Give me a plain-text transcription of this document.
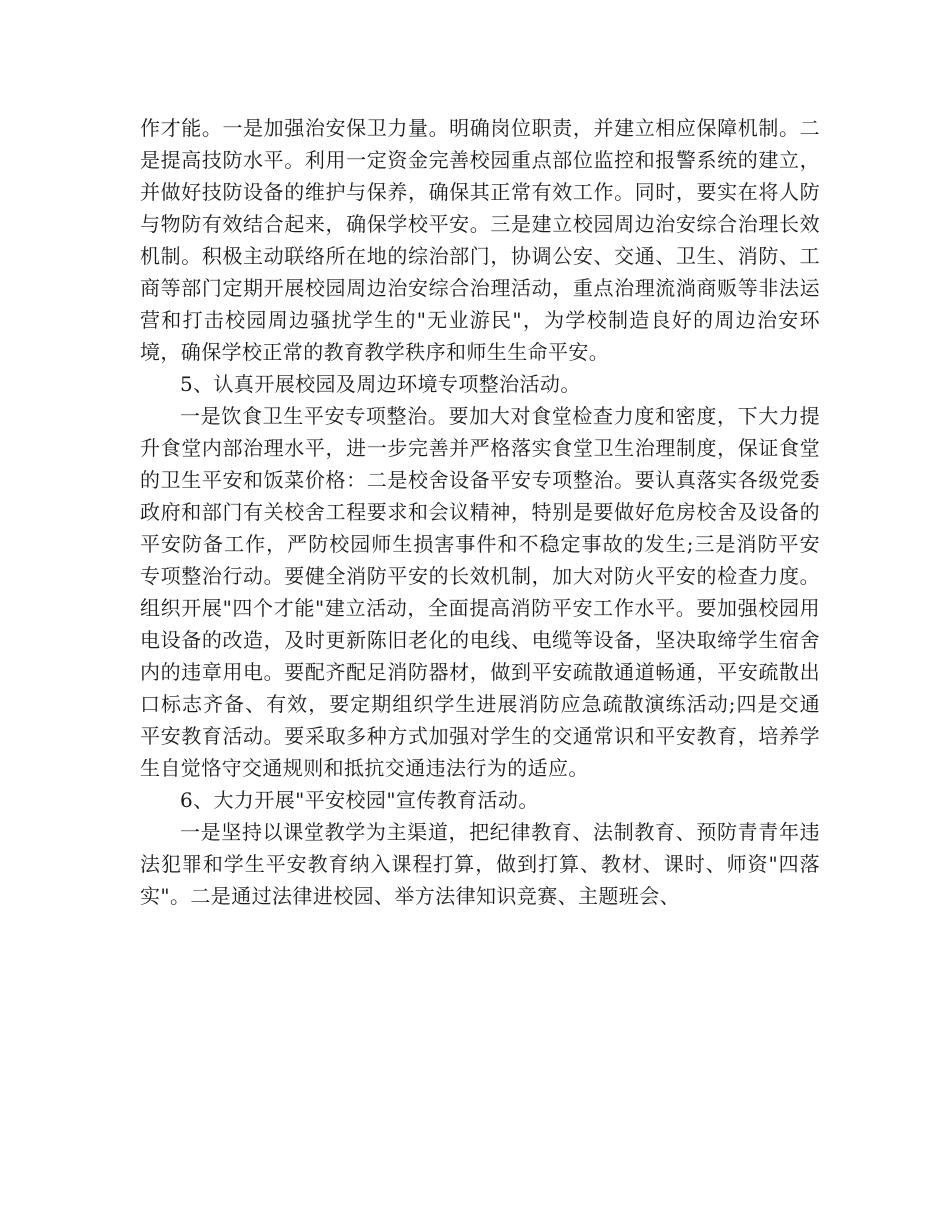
作才能。一是加强治安保卫力量。明确岗位职责，并建立相应保障机制。二是提高技防水平。利用一定资金完善校园重点部位监控和报警系统的建立，并做好技防设备的维护与保养，确保其正常有效工作。同时，要实在将人防与物防有效结合起来，确保学校平安。三是建立校园周边治安综合治理长效机制。积极主动联络所在地的综治部门，协调公安、交通、卫生、消防、工商等部门定期开展校园周边治安综合治理活动，重点治理流淌商贩等非法运营和打击校园周边骚扰学生的"无业游民"，为学校制造良好的周边治安环境，确保学校正常的教育教学秩序和师生生命平安。

5、认真开展校园及周边环境专项整治活动。

一是饮食卫生平安专项整治。要加大对食堂检查力度和密度，下大力提升食堂内部治理水平，进一步完善并严格落实食堂卫生治理制度，保证食堂的卫生平安和饭菜价格：二是校舍设备平安专项整治。要认真落实各级党委政府和部门有关校舍工程要求和会议精神，特别是要做好危房校舍及设备的平安防备工作，严防校园师生损害事件和不稳定事故的发生;三是消防平安专项整治行动。要健全消防平安的长效机制，加大对防火平安的检查力度。组织开展"四个才能"建立活动，全面提高消防平安工作水平。要加强校园用电设备的改造，及时更新陈旧老化的电线、电缆等设备，坚决取缔学生宿舍内的违章用电。要配齐配足消防器材，做到平安疏散通道畅通，平安疏散出口标志齐备、有效，要定期组织学生进展消防应急疏散演练活动;四是交通平安教育活动。要采取多种方式加强对学生的交通常识和平安教育，培养学生自觉恪守交通规则和抵抗交通违法行为的适应。

6、大力开展"平安校园"宣传教育活动。

一是坚持以课堂教学为主渠道，把纪律教育、法制教育、预防青青年违法犯罪和学生平安教育纳入课程打算，做到打算、教材、课时、师资"四落实"。二是通过法律进校园、举方法律知识竞赛、主题班会、
